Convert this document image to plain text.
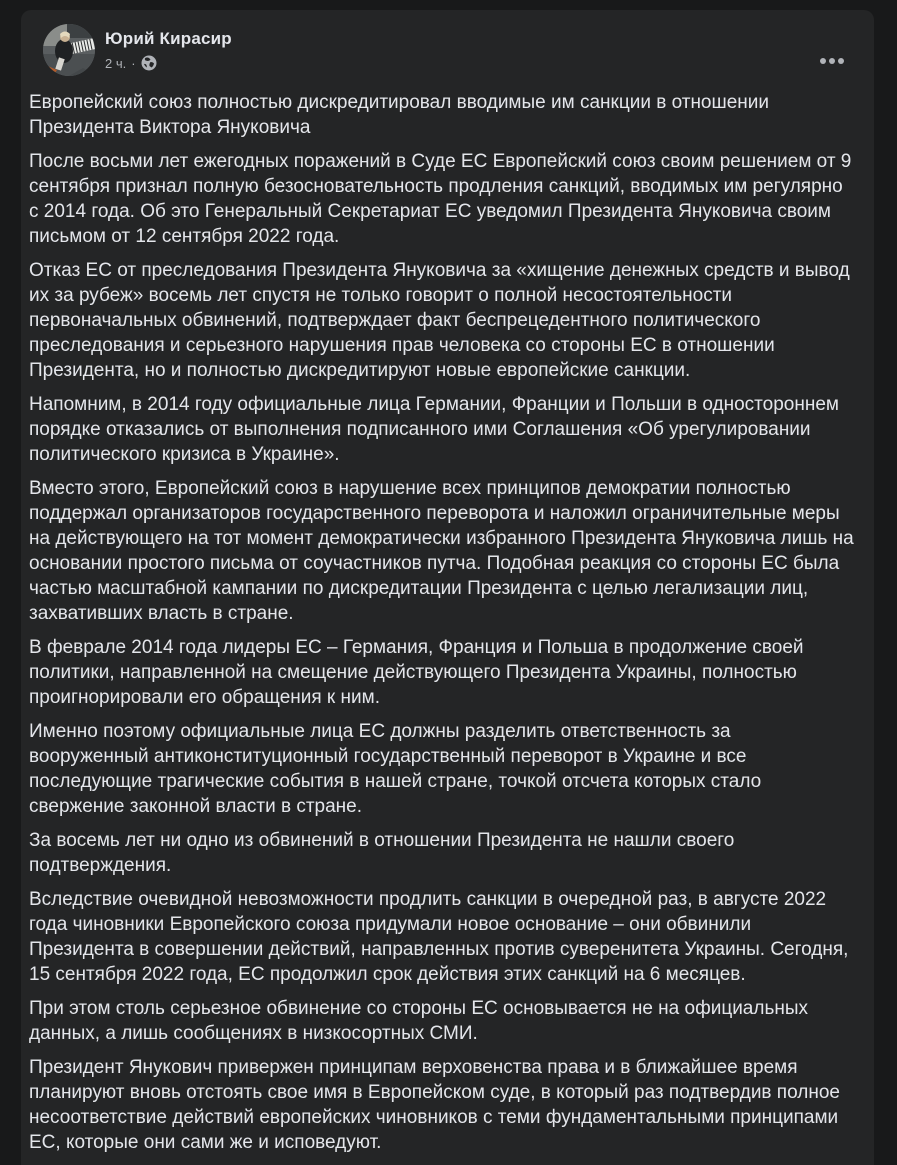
Юрий Кирасир
2 ч. ·

Европейский союз полностью дискредитировал вводимые им санкции в отношении Президента Виктора Януковича

После восьми лет ежегодных поражений в Суде ЕС Европейский союз своим решением от 9 сентября признал полную безосновательность продления санкций, вводимых им регулярно с 2014 года. Об это Генеральный Секретариат ЕС уведомил Президента Януковича своим письмом от 12 сентября 2022 года.

Отказ ЕС от преследования Президента Януковича за «хищение денежных средств и вывод их за рубеж» восемь лет спустя не только говорит о полной несостоятельности первоначальных обвинений, подтверждает факт беспрецедентного политического преследования и серьезного нарушения прав человека со стороны ЕС в отношении Президента, но и полностью дискредитируют новые европейские санкции.

Напомним, в 2014 году официальные лица Германии, Франции и Польши в одностороннем порядке отказались от выполнения подписанного ими Соглашения «Об урегулировании политического кризиса в Украине».

Вместо этого, Европейский союз в нарушение всех принципов демократии полностью поддержал организаторов государственного переворота и наложил ограничительные меры на действующего на тот момент демократически избранного Президента Януковича лишь на основании простого письма от соучастников путча. Подобная реакция со стороны ЕС была частью масштабной кампании по дискредитации Президента с целью легализации лиц, захвативших власть в стране.

В феврале 2014 года лидеры ЕС – Германия, Франция и Польша в продолжение своей политики, направленной на смещение действующего Президента Украины, полностью проигнорировали его обращения к ним.

Именно поэтому официальные лица ЕС должны разделить ответственность за вооруженный антиконституционный государственный переворот в Украине и все последующие трагические события в нашей стране, точкой отсчета которых стало свержение законной власти в стране.

За восемь лет ни одно из обвинений в отношении Президента не нашли своего подтверждения.

Вследствие очевидной невозможности продлить санкции в очередной раз, в августе 2022 года чиновники Европейского союза придумали новое основание – они обвинили Президента в совершении действий, направленных против суверенитета Украины. Сегодня, 15 сентября 2022 года, ЕС продолжил срок действия этих санкций на 6 месяцев.

При этом столь серьезное обвинение со стороны ЕС основывается не на официальных данных, а лишь сообщениях в низкосортных СМИ.

Президент Янукович привержен принципам верховенства права и в ближайшее время планируют вновь отстоять свое имя в Европейском суде, в который раз подтвердив полное несоответствие действий европейских чиновников с теми фундаментальными принципами ЕС, которые они сами же и исповедуют.
